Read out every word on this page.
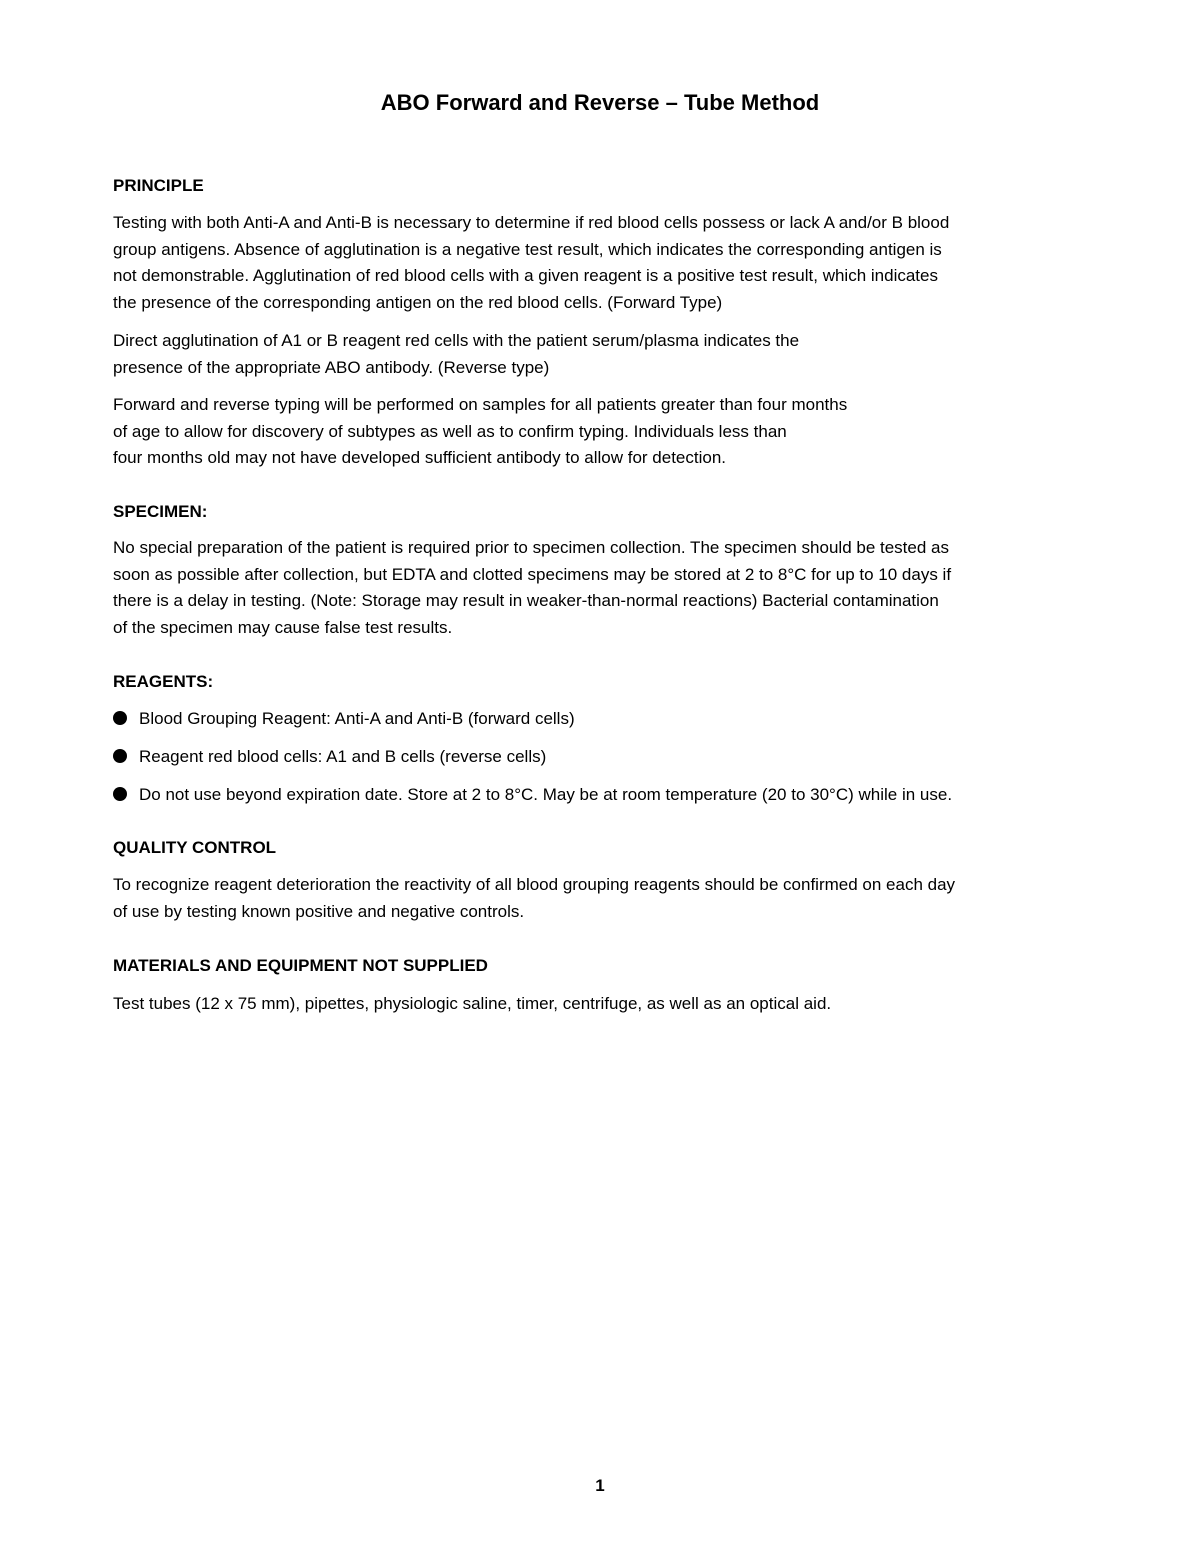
ABO Forward and Reverse – Tube Method
PRINCIPLE
Testing with both Anti-A and Anti-B is necessary to determine if red blood cells possess or lack A and/or B blood
group antigens. Absence of agglutination is a negative test result, which indicates the corresponding antigen is
not demonstrable. Agglutination of red blood cells with a given reagent is a positive test result, which indicates
the presence of the corresponding antigen on the red blood cells. (Forward Type)
Direct agglutination of A1 or B reagent red cells with the patient serum/plasma indicates the
presence of the appropriate ABO antibody. (Reverse type)
Forward and reverse typing will be performed on samples for all patients greater than four months
of age to allow for discovery of subtypes as well as to confirm typing. Individuals less than
four months old may not have developed sufficient antibody to allow for detection.
SPECIMEN:
No special preparation of the patient is required prior to specimen collection. The specimen should be tested as
soon as possible after collection, but EDTA and clotted specimens may be stored at 2 to 8°C for up to 10 days if
there is a delay in testing. (Note: Storage may result in weaker-than-normal reactions) Bacterial contamination
of the specimen may cause false test results.
REAGENTS:
Blood Grouping Reagent: Anti-A and Anti-B (forward cells)
Reagent red blood cells: A1 and B cells (reverse cells)
Do not use beyond expiration date. Store at 2 to 8°C. May be at room temperature (20 to 30°C) while in use.
QUALITY CONTROL
To recognize reagent deterioration the reactivity of all blood grouping reagents should be confirmed on each day
of use by testing known positive and negative controls.
MATERIALS AND EQUIPMENT NOT SUPPLIED
Test tubes (12 x 75 mm), pipettes, physiologic saline, timer, centrifuge, as well as an optical aid.
1
